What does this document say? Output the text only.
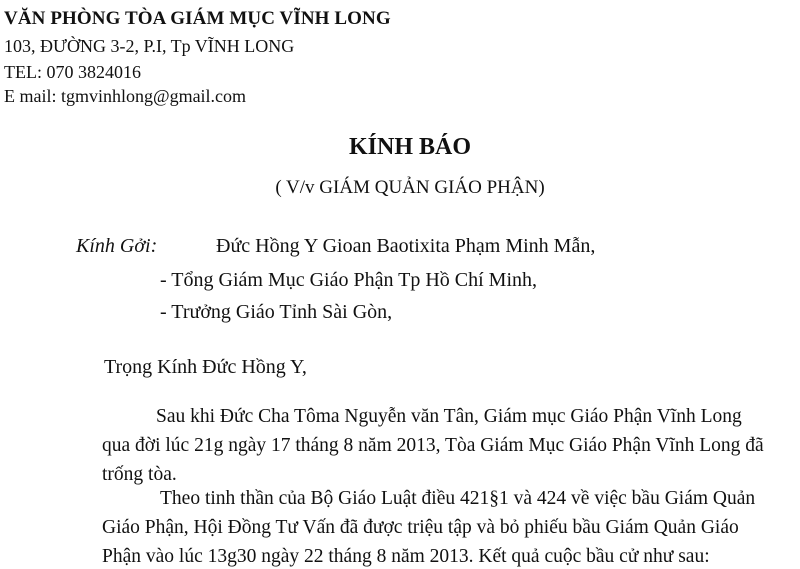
VĂN PHÒNG TÒA GIÁM MỤC VĨNH LONG
103, ĐƯỜNG 3-2, P.I, Tp VĨNH LONG
TEL: 070 3824016
E mail: tgmvinhlong@gmail.com
KÍNH BÁO
( V/v GIÁM QUẢN GIÁO PHẬN)
Kính Gởi:	Đức Hồng Y Gioan Baotixita Phạm Minh Mẫn,
- Tổng Giám Mục Giáo Phận Tp Hồ Chí Minh,
- Trưởng Giáo Tỉnh Sài Gòn,
Trọng Kính Đức Hồng Y,
Sau khi Đức Cha Tôma Nguyễn văn Tân, Giám mục Giáo Phận Vĩnh Long
qua đời lúc 21g ngày 17 tháng 8 năm 2013, Tòa Giám Mục Giáo Phận Vĩnh Long đã
trống tòa.
Theo tinh thần của Bộ Giáo Luật điều 421§1 và 424 về việc bầu Giám Quản
Giáo Phận, Hội Đồng Tư Vấn đã được triệu tập và bỏ phiếu bầu Giám Quản Giáo
Phận vào lúc 13g30 ngày 22 tháng 8 năm 2013. Kết quả cuộc bầu cử như sau:
